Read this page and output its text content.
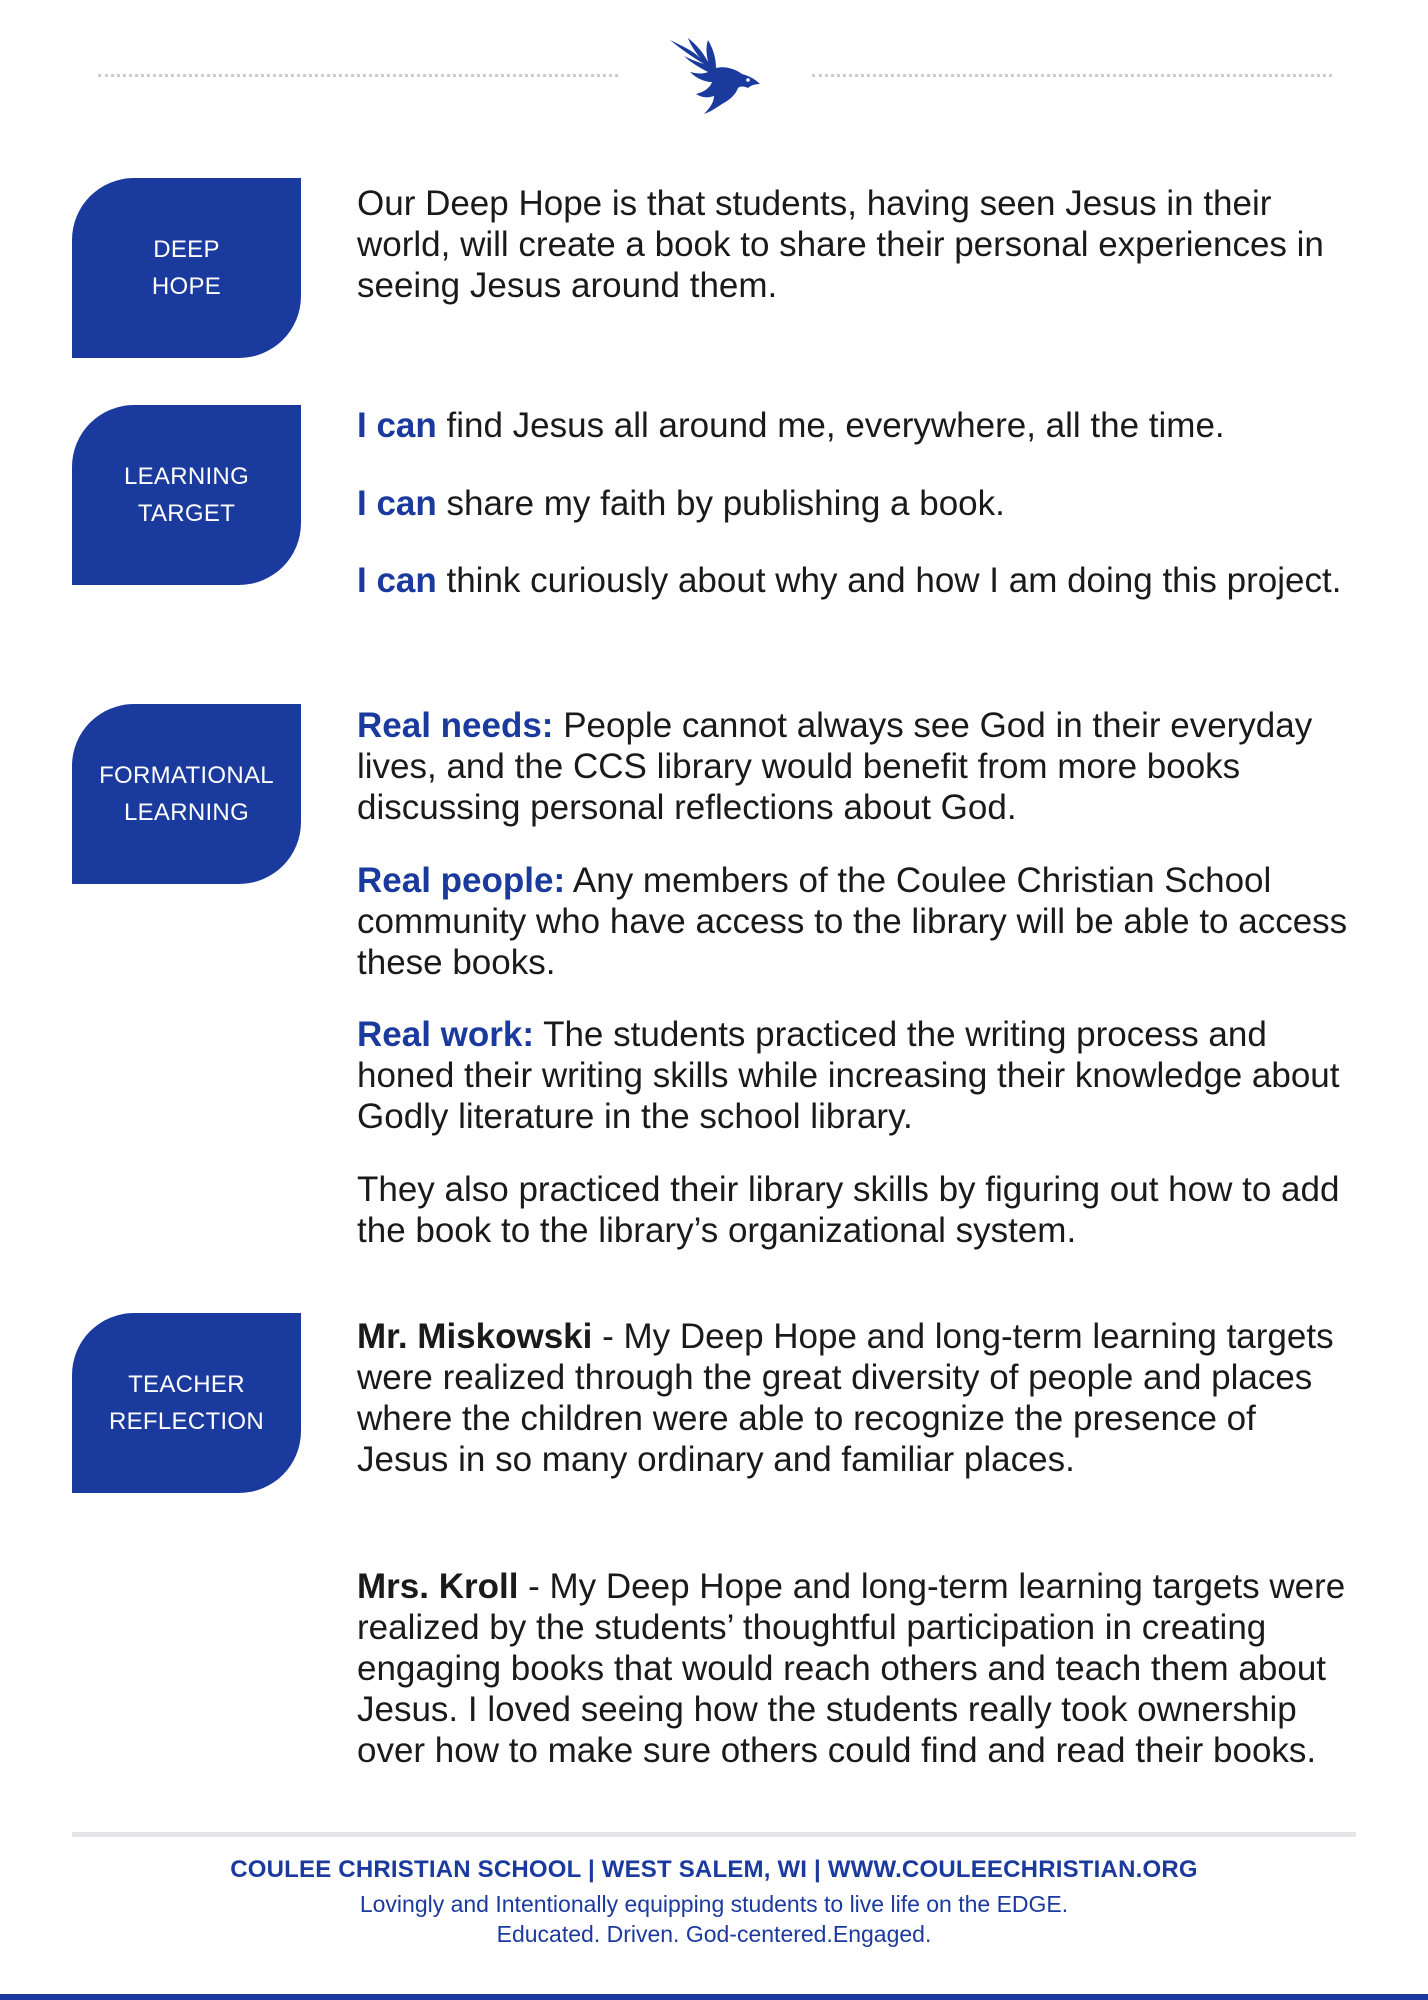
DEEP
HOPE

Our Deep Hope is that students, having seen Jesus in their world, will create a book to share their personal experiences in seeing Jesus around them.

LEARNING
TARGET

I can find Jesus all around me, everywhere, all the time.

I can share my faith by publishing a book.

I can think curiously about why and how I am doing this project.

FORMATIONAL
LEARNING

Real needs: People cannot always see God in their everyday lives, and the CCS library would benefit from more books discussing personal reflections about God.

Real people: Any members of the Coulee Christian School community who have access to the library will be able to access these books.

Real work: The students practiced the writing process and honed their writing skills while increasing their knowledge about Godly literature in the school library.

They also practiced their library skills by figuring out how to add the book to the library’s organizational system.

TEACHER
REFLECTION

Mr. Miskowski - My Deep Hope and long-term learning targets were realized through the great diversity of people and places where the children were able to recognize the presence of Jesus in so many ordinary and familiar places.

Mrs. Kroll - My Deep Hope and long-term learning targets were realized by the students’ thoughtful participation in creating engaging books that would reach others and teach them about Jesus. I loved seeing how the students really took ownership over how to make sure others could find and read their books.

COULEE CHRISTIAN SCHOOL | WEST SALEM, WI | WWW.COULEECHRISTIAN.ORG
Lovingly and Intentionally equipping students to live life on the EDGE.
Educated. Driven. God-centered.Engaged.
